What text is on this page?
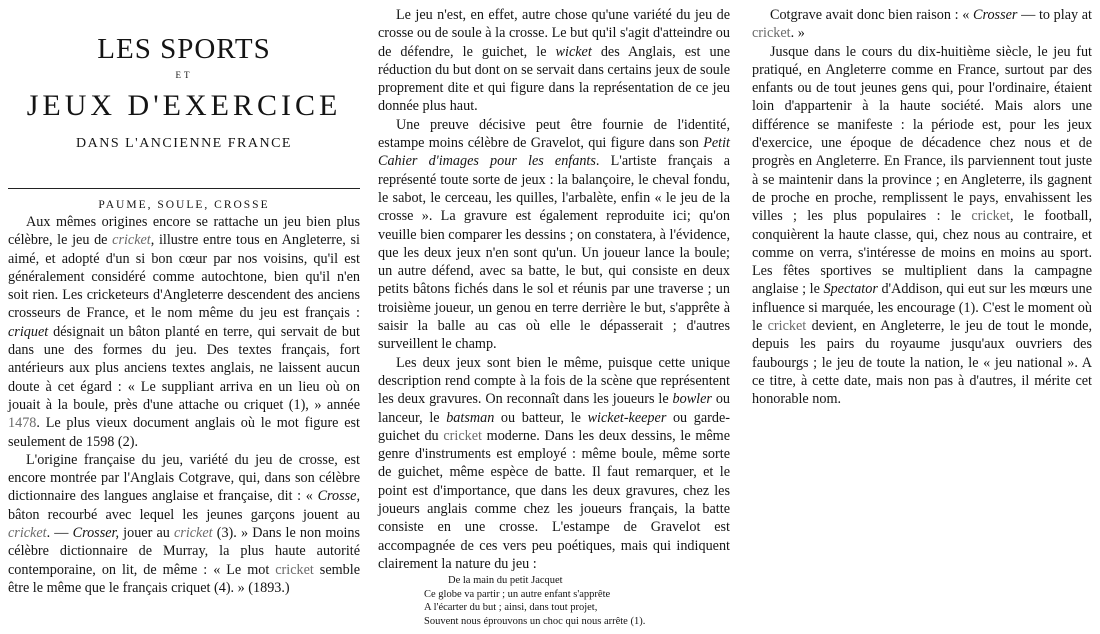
LES SPORTS
ET
JEUX D'EXERCICE
DANS L'ANCIENNE FRANCE
PAUME, SOULE, CROSSE

Aux mêmes origines encore se rattache un jeu bien plus célèbre, le jeu de cricket, illustre entre tous en Angleterre, si aimé, et adopté d'un si bon cœur par nos voisins, qu'il est généralement considéré comme autochtone, bien qu'il n'en soit rien. Les cricketeurs d'Angleterre descendent des anciens crosseurs de France, et le nom même du jeu est français : criquet désignait un bâton planté en terre, qui servait de but dans une des formes du jeu. Des textes français, fort antérieurs aux plus anciens textes anglais, ne laissent aucun doute à cet égard : « Le suppliant arriva en un lieu où on jouait à la boule, près d'une attache ou criquet (1), » année 1478. Le plus vieux document anglais où le mot figure est seulement de 1598 (2).

L'origine française du jeu, variété du jeu de crosse, est encore montrée par l'Anglais Cotgrave, qui, dans son célèbre dictionnaire des langues anglaise et française, dit : « Crosse, bâton recourbé avec lequel les jeunes garçons jouent au cricket. — Crosser, jouer au cricket (3). » Dans le non moins célèbre dictionnaire de Murray, la plus haute autorité contemporaine, on lit, de même : « Le mot cricket semble être le même que le français criquet (4). » (1893.)

Le jeu n'est, en effet, autre chose qu'une variété du jeu de crosse ou de soule à la crosse. Le but qu'il s'agit d'atteindre ou de défendre, le guichet, le wicket des Anglais, est une réduction du but dont on se servait dans certains jeux de soule proprement dite et qui figure dans la représentation de ce jeu donnée plus haut.

Une preuve décisive peut être fournie de l'identité, estampe moins célèbre de Gravelot, qui figure dans son Petit Cahier d'images pour les enfants. L'artiste français a représenté toute sorte de jeux : la balançoire, le cheval fondu, le sabot, le cerceau, les quilles, l'arbalète, enfin « le jeu de la crosse ». La gravure est également reproduite ici; qu'on veuille bien comparer les dessins ; on constatera, à l'évidence, que les deux jeux n'en sont qu'un. Un joueur lance la boule; un autre défend, avec sa batte, le but, qui consiste en deux petits bâtons fichés dans le sol et réunis par une traverse ; un troisième joueur, un genou en terre derrière le but, s'apprête à saisir la balle au cas où elle le dépasserait ; d'autres surveillent le champ.

Les deux jeux sont bien le même, puisque cette unique description rend compte à la fois de la scène que représentent les deux gravures. On reconnaît dans les joueurs le bowler ou lanceur, le batsman ou batteur, le wicket-keeper ou garde-guichet du cricket moderne. Dans les deux dessins, le même genre d'instruments est employé : même boule, même sorte de guichet, même espèce de batte. Il faut remarquer, et le point est d'importance, que dans les deux gravures, chez les joueurs anglais comme chez les joueurs français, la batte consiste en une crosse. L'estampe de Gravelot est accompagnée de ces vers peu poétiques, mais qui indiquent clairement la nature du jeu :

De la main du petit Jacquet
Ce globe va partir ; un autre enfant s'apprête
A l'écarter du but ; ainsi, dans tout projet,
Souvent nous éprouvons un choc qui nous arrête (1).

Cotgrave avait donc bien raison : « Crosser — to play at cricket. »

Jusque dans le cours du dix-huitième siècle, le jeu fut pratiqué, en Angleterre comme en France, surtout par des enfants ou de tout jeunes gens qui, pour l'ordinaire, étaient loin d'appartenir à la haute société. Mais alors une différence se manifeste : la période est, pour les jeux d'exercice, une époque de décadence chez nous et de progrès en Angleterre. En France, ils parviennent tout juste à se maintenir dans la province ; en Angleterre, ils gagnent de proche en proche, remplissent le pays, envahissent les villes ; les plus populaires : le cricket, le football, conquièrent la haute classe, qui, chez nous au contraire, et comme on verra, s'intéresse de moins en moins au sport. Les fêtes sportives se multiplient dans la campagne anglaise ; le Spectator d'Addison, qui eut sur les mœurs une influence si marquée, les encourage (1). C'est le moment où le cricket devient, en Angleterre, le jeu de tout le monde, depuis les pairs du royaume jusqu'aux ouvriers des faubourgs ; le jeu de toute la nation, le « jeu national ». A ce titre, à cette date, mais non pas à d'autres, il mérite cet honorable nom.
